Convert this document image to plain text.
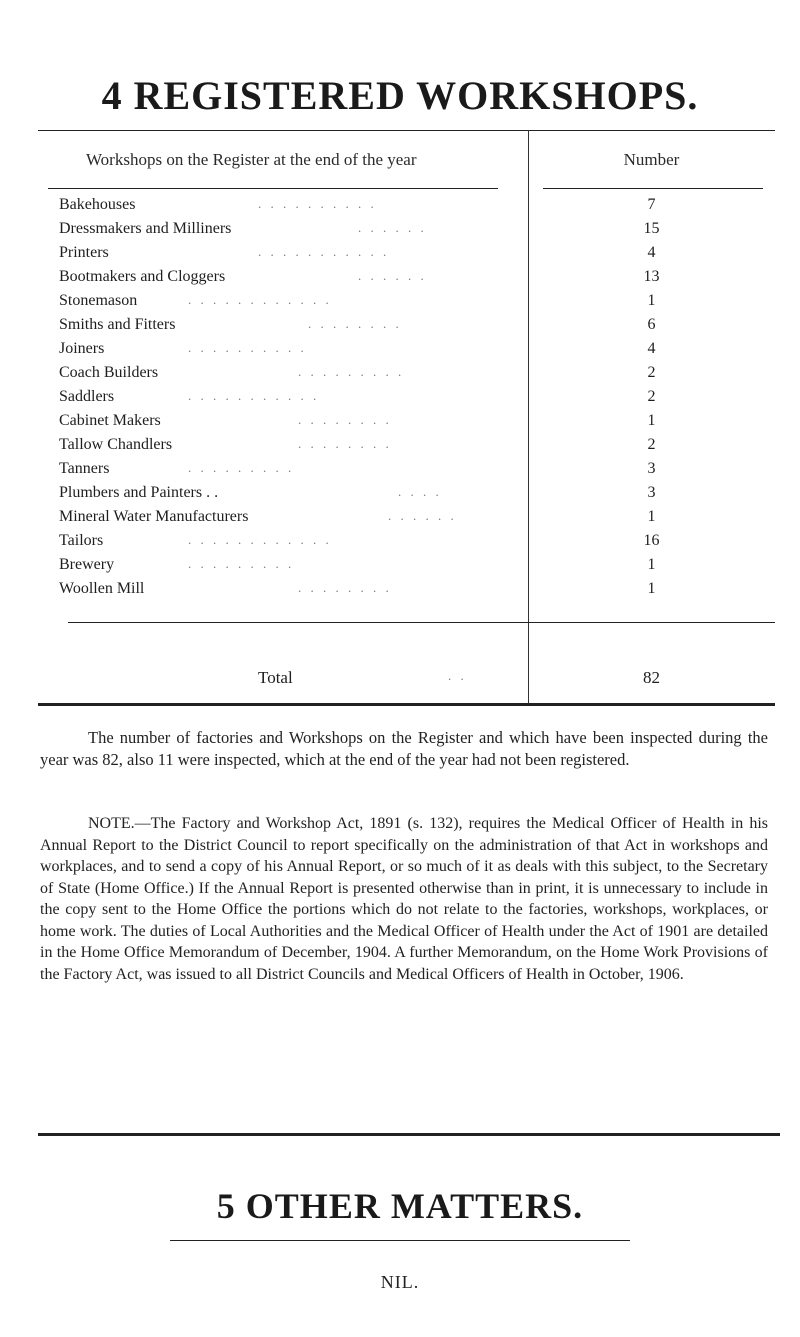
4 REGISTERED WORKSHOPS.
Workshops on the Register at the end of the year	Number
Bakehouses	. . . . . . . . . .	7
Dressmakers and Milliners	. . . . . .	15
Printers	. . . . . . . . . . .	4
Bootmakers and Cloggers	. . . . . .	13
Stonemason	. . . . . . . . . . . .	1
Smiths and Fitters	. . . . . . . .	6
Joiners	. . . . . . . . . .	4
Coach Builders	. . . . . . . . .	2
Saddlers	. . . . . . . . . . .	2
Cabinet Makers	. . . . . . . .	1
Tallow Chandlers	. . . . . . . .	2
Tanners	. . . . . . . . .	3
Plumbers and Painters . .	. . . .	3
Mineral Water Manufacturers	. . . . . .	1
Tailors	. . . . . . . . . . . .	16
Brewery	. . . . . . . . .	1
Woollen Mill	. . . . . . . .	1
Total	. .	82
The number of factories and Workshops on the Register and which have been inspected during the year was 82, also 11 were inspected, which at the end of the year had not been registered.
NOTE.—The Factory and Workshop Act, 1891 (s. 132), requires the Medical Officer of Health in his Annual Report to the District Council to report specifically on the administration of that Act in workshops and workplaces, and to send a copy of his Annual Report, or so much of it as deals with this subject, to the Secretary of State (Home Office.) If the Annual Report is presented otherwise than in print, it is unnecessary to include in the copy sent to the Home Office the portions which do not relate to the factories, workshops, workplaces, or home work. The duties of Local Authorities and the Medical Officer of Health under the Act of 1901 are detailed in the Home Office Memorandum of December, 1904. A further Memorandum, on the Home Work Provisions of the Factory Act, was issued to all District Councils and Medical Officers of Health in October, 1906.
5 OTHER MATTERS.
NIL.
